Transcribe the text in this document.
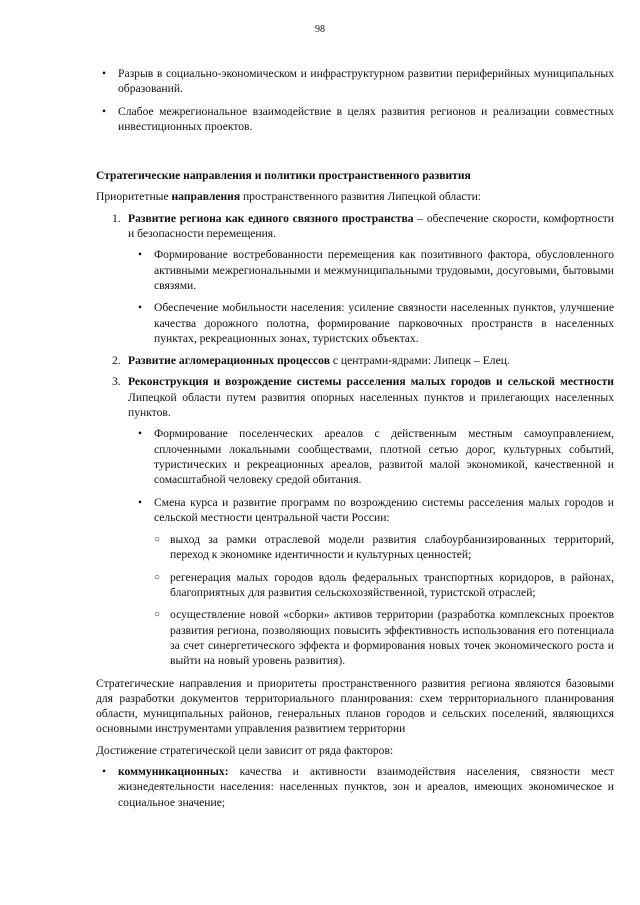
98
• Разрыв в социально-экономическом и инфраструктурном развитии периферийных муниципальных образований.
• Слабое межрегиональное взаимодействие в целях развития регионов и реализации совместных инвестиционных проектов.
Стратегические направления и политики пространственного развития

Приоритетные направления пространственного развития Липецкой области:

1. Развитие региона как единого связного пространства – обеспечение скорости, комфортности и безопасности перемещения.
• Формирование востребованности перемещения как позитивного фактора, обусловленного активными межрегиональными и межмуниципальными трудовыми, досуговыми, бытовыми связями.
• Обеспечение мобильности населения: усиление связности населенных пунктов, улучшение качества дорожного полотна, формирование парковочных пространств в населенных пунктах, рекреационных зонах, туристских объектах.
2. Развитие агломерационных процессов с центрами-ядрами: Липецк – Елец.
3. Реконструкция и возрождение системы расселения малых городов и сельской местности Липецкой области путем развития опорных населенных пунктов и прилегающих населенных пунктов.
• Формирование поселенческих ареалов с действенным местным самоуправлением, сплоченными локальными сообществами, плотной сетью дорог, культурных событий, туристических и рекреационных ареалов, развитой малой экономикой, качественной и сомасштабной человеку средой обитания.
• Смена курса и развитие программ по возрождению системы расселения малых городов и сельской местности центральной части России:
○ выход за рамки отраслевой модели развития слабоурбанизированных территорий, переход к экономике идентичности и культурных ценностей;
○ регенерация малых городов вдоль федеральных транспортных коридоров, в районах, благоприятных для развития сельскохозяйственной, туристской отраслей;
○ осуществление новой «сборки» активов территории (разработка комплексных проектов развития региона, позволяющих повысить эффективность использования его потенциала за счет синергетического эффекта и формирования новых точек экономического роста и выйти на новый уровень развития).

Стратегические направления и приоритеты пространственного развития региона являются базовыми для разработки документов территориального планирования: схем территориального планирования области, муниципальных районов, генеральных планов городов и сельских поселений, являющихся основными инструментами управления развитием территории

Достижение стратегической цели зависит от ряда факторов:

• коммуникационных: качества и активности взаимодействия населения, связности мест жизнедеятельности населения: населенных пунктов, зон и ареалов, имеющих экономическое и социальное значение;
